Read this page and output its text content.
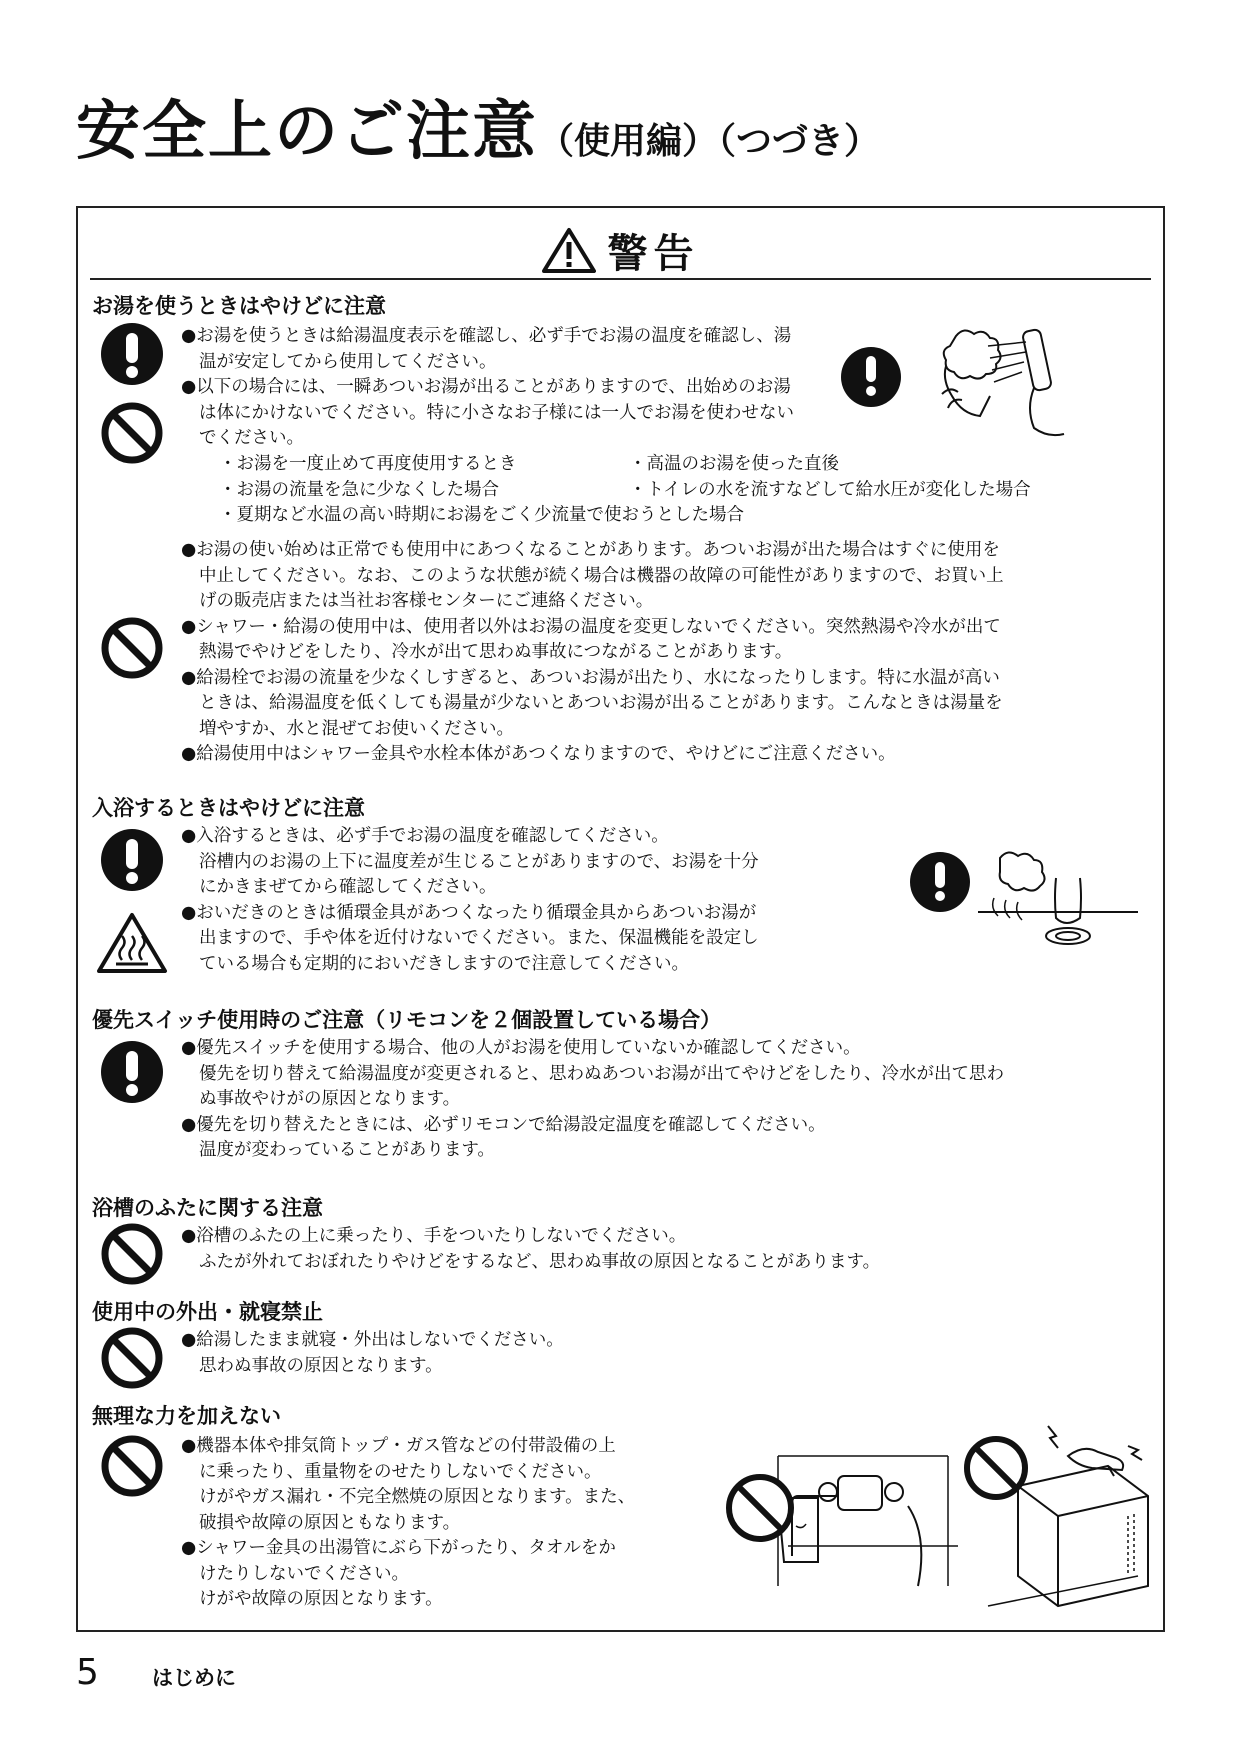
安全上のご注意（使用編）（つづき）
警告
お湯を使うときはやけどに注意

●お湯を使うときは給湯温度表示を確認し、必ず手でお湯の温度を確認し、湯
温が安定してから使用してください。

●以下の場合には、一瞬あついお湯が出ることがありますので、出始めのお湯
は体にかけないでください。特に小さなお子様には一人でお湯を使わせない
でください。

・お湯を一度止めて再度使用するとき	・高温のお湯を使った直後
・お湯の流量を急に少なくした場合	・トイレの水を流すなどして給水圧が変化した場合
・夏期など水温の高い時期にお湯をごく少流量で使おうとした場合

●お湯の使い始めは正常でも使用中にあつくなることがあります。あついお湯が出た場合はすぐに使用を
中止してください。なお、このような状態が続く場合は機器の故障の可能性がありますので、お買い上
げの販売店または当社お客様センターにご連絡ください。

●シャワー・給湯の使用中は、使用者以外はお湯の温度を変更しないでください。突然熱湯や冷水が出て
熱湯でやけどをしたり、冷水が出て思わぬ事故につながることがあります。

●給湯栓でお湯の流量を少なくしすぎると、あついお湯が出たり、水になったりします。特に水温が高い
ときは、給湯温度を低くしても湯量が少ないとあついお湯が出ることがあります。こんなときは湯量を
増やすか、水と混ぜてお使いください。

●給湯使用中はシャワー金具や水栓本体があつくなりますので、やけどにご注意ください。

入浴するときはやけどに注意

●入浴するときは、必ず手でお湯の温度を確認してください。
浴槽内のお湯の上下に温度差が生じることがありますので、お湯を十分
にかきまぜてから確認してください。

●おいだきのときは循環金具があつくなったり循環金具からあついお湯が
出ますので、手や体を近付けないでください。また、保温機能を設定し
ている場合も定期的においだきしますので注意してください。

優先スイッチ使用時のご注意（リモコンを２個設置している場合）

●優先スイッチを使用する場合、他の人がお湯を使用していないか確認してください。
優先を切り替えて給湯温度が変更されると、思わぬあついお湯が出てやけどをしたり、冷水が出て思わ
ぬ事故やけがの原因となります。

●優先を切り替えたときには、必ずリモコンで給湯設定温度を確認してください。
温度が変わっていることがあります。

浴槽のふたに関する注意

●浴槽のふたの上に乗ったり、手をついたりしないでください。
ふたが外れておぼれたりやけどをするなど、思わぬ事故の原因となることがあります。

使用中の外出・就寝禁止

●給湯したまま就寝・外出はしないでください。
思わぬ事故の原因となります。

無理な力を加えない

●機器本体や排気筒トップ・ガス管などの付帯設備の上
に乗ったり、重量物をのせたりしないでください。
けがやガス漏れ・不完全燃焼の原因となります。また、
破損や故障の原因ともなります。

●シャワー金具の出湯管にぶら下がったり、タオルをか
けたりしないでください。
けがや故障の原因となります。

5	はじめに
